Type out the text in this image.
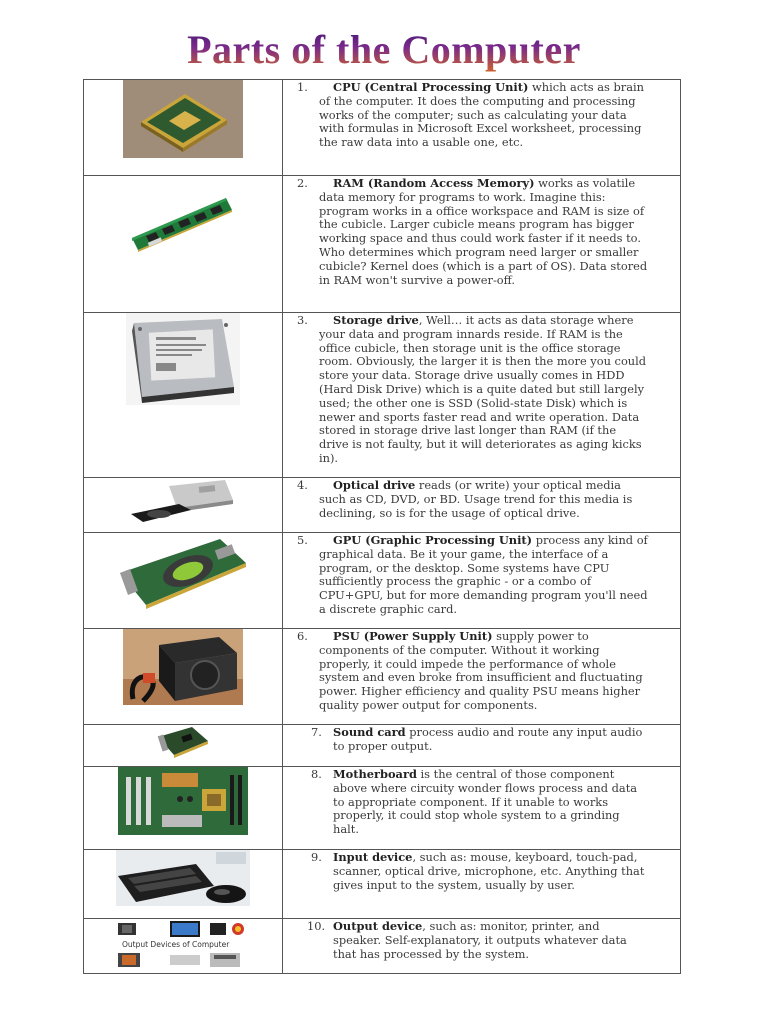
Parts of the Computer

1. CPU (Central Processing Unit) which acts as brain of the computer. It does the computing and processing works of the computer; such as calculating your data with formulas in Microsoft Excel worksheet, processing the raw data into a usable one, etc.

2. RAM (Random Access Memory) works as volatile data memory for programs to work. Imagine this: program works in a office workspace and RAM is size of the cubicle. Larger cubicle means program has bigger working space and thus could work faster if it needs to. Who determines which program need larger or smaller cubicle? Kernel does (which is a part of OS). Data stored in RAM won't survive a power-off.

3. Storage drive, Well… it acts as data storage where your data and program innards reside. If RAM is the office cubicle, then storage unit is the office storage room. Obviously, the larger it is then the more you could store your data. Storage drive usually comes in HDD (Hard Disk Drive) which is a quite dated but still largely used; the other one is SSD (Solid-state Disk) which is newer and sports faster read and write operation. Data stored in storage drive last longer than RAM (if the drive is not faulty, but it will deteriorates as aging kicks in).

4. Optical drive reads (or write) your optical media such as CD, DVD, or BD. Usage trend for this media is declining, so is for the usage of optical drive.

5. GPU (Graphic Processing Unit) process any kind of graphical data. Be it your game, the interface of a program, or the desktop. Some systems have CPU sufficiently process the graphic - or a combo of CPU+GPU, but for more demanding program you'll need a discrete graphic card.

6. PSU (Power Supply Unit) supply power to components of the computer. Without it working properly, it could impede the performance of whole system and even broke from insufficient and fluctuating power. Higher efficiency and quality PSU means higher quality power output for components.

7. Sound card process audio and route any input audio to proper output.

8. Motherboard is the central of those component above where circuity wonder flows process and data to appropriate component. If it unable to works properly, it could stop whole system to a grinding halt.

9. Input device, such as: mouse, keyboard, touch-pad, scanner, optical drive, microphone, etc. Anything that gives input to the system, usually by user.

Output Devices of Computer	10. Output device, such as: monitor, printer, and speaker. Self-explanatory, it outputs whatever data that has processed by the system.
